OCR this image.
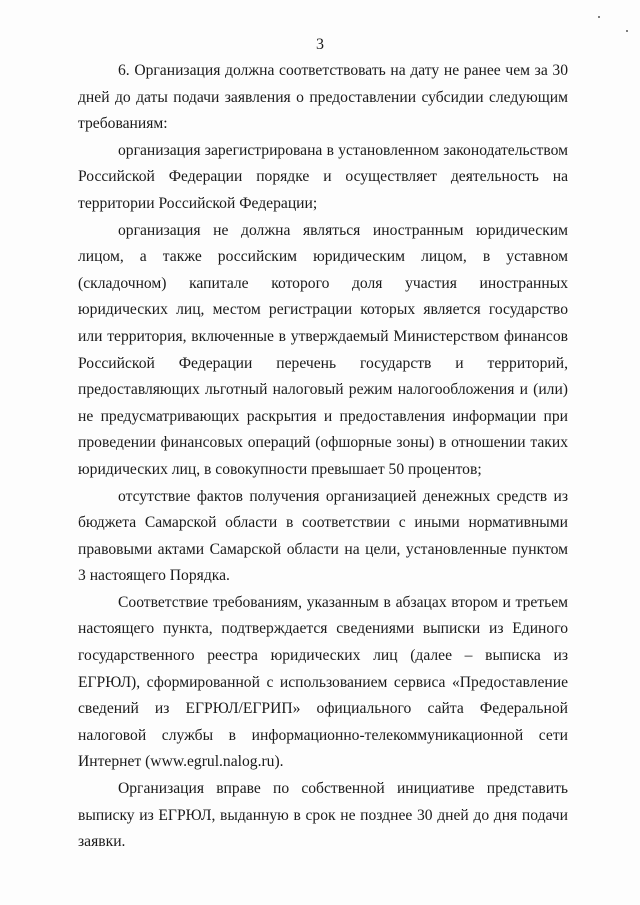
3

6. Организация должна соответствовать на дату не ранее чем за 30 дней до даты подачи заявления о предоставлении субсидии следующим требованиям:

организация зарегистрирована в установленном законодательством Российской Федерации порядке и осуществляет деятельность на территории Российской Федерации;

организация не должна являться иностранным юридическим лицом, а также российским юридическим лицом, в уставном (складочном) капитале которого доля участия иностранных юридических лиц, местом регистрации которых является государство или территория, включенные в утверждаемый Министерством финансов Российской Федерации перечень государств и территорий, предоставляющих льготный налоговый режим налогообложения и (или) не предусматривающих раскрытия и предоставления информации при проведении финансовых операций (офшорные зоны) в отношении таких юридических лиц, в совокупности превышает 50 процентов;

отсутствие фактов получения организацией денежных средств из бюджета Самарской области в соответствии с иными нормативными правовыми актами Самарской области на цели, установленные пунктом 3 настоящего Порядка.

Соответствие требованиям, указанным в абзацах втором и третьем настоящего пункта, подтверждается сведениями выписки из Единого государственного реестра юридических лиц (далее – выписка из ЕГРЮЛ), сформированной с использованием сервиса «Предоставление сведений из ЕГРЮЛ/ЕГРИП» официального сайта Федеральной налоговой службы в информационно-телекоммуникационной сети Интернет (www.egrul.nalog.ru).

Организация вправе по собственной инициативе представить выписку из ЕГРЮЛ, выданную в срок не позднее 30 дней до дня подачи заявки.
